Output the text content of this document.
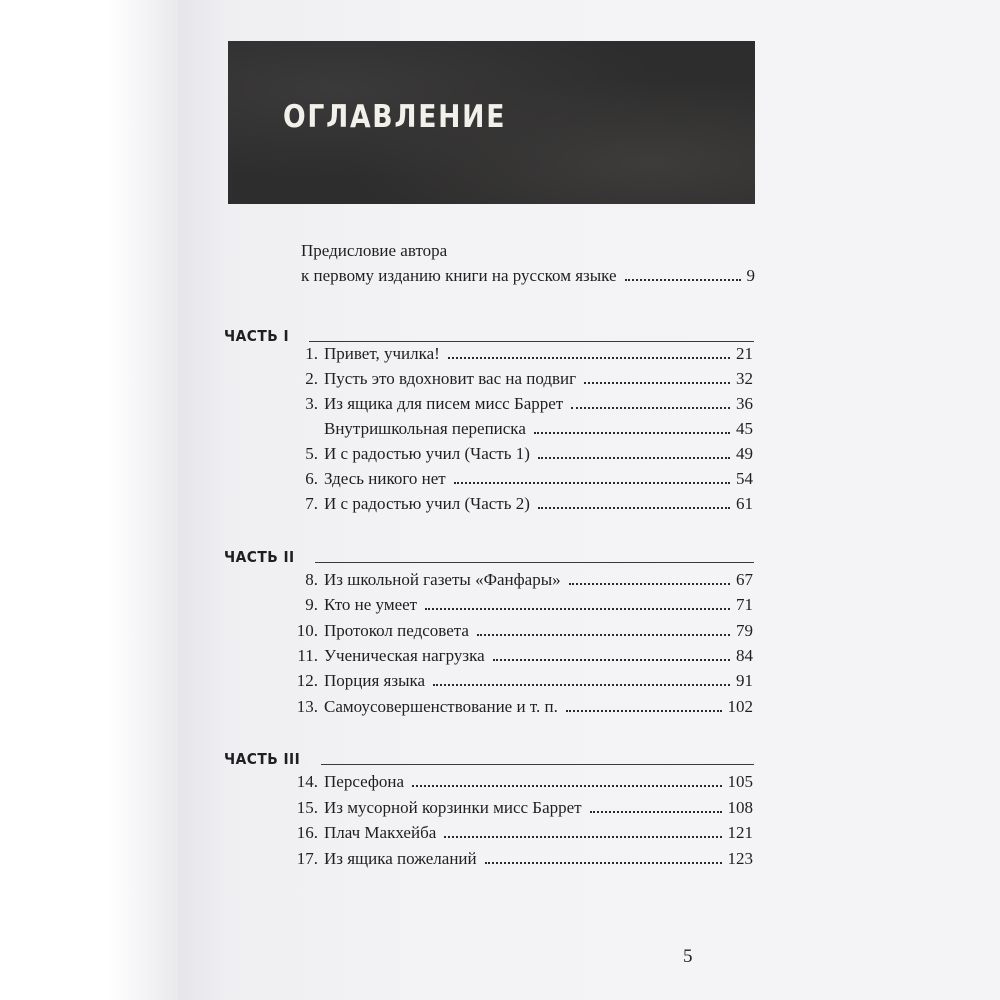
ОГЛАВЛЕНИЕ
Предисловие автора
к первому изданию книги на русском языке	9
ЧАСТЬ I
1. Привет, училка!	21
2. Пусть это вдохновит вас на подвиг	32
3. Из ящика для писем мисс Баррет	36
Внутришкольная переписка	45
5. И с радостью учил (Часть 1)	49
6. Здесь никого нет	54
7. И с радостью учил (Часть 2)	61
ЧАСТЬ II
8. Из школьной газеты «Фанфары»	67
9. Кто не умеет	71
10. Протокол педсовета	79
11. Ученическая нагрузка	84
12. Порция языка	91
13. Самоусовершенствование и т. п.	102
ЧАСТЬ III
14. Персефона	105
15. Из мусорной корзинки мисс Баррет	108
16. Плач Макхейба	121
17. Из ящика пожеланий	123
5
